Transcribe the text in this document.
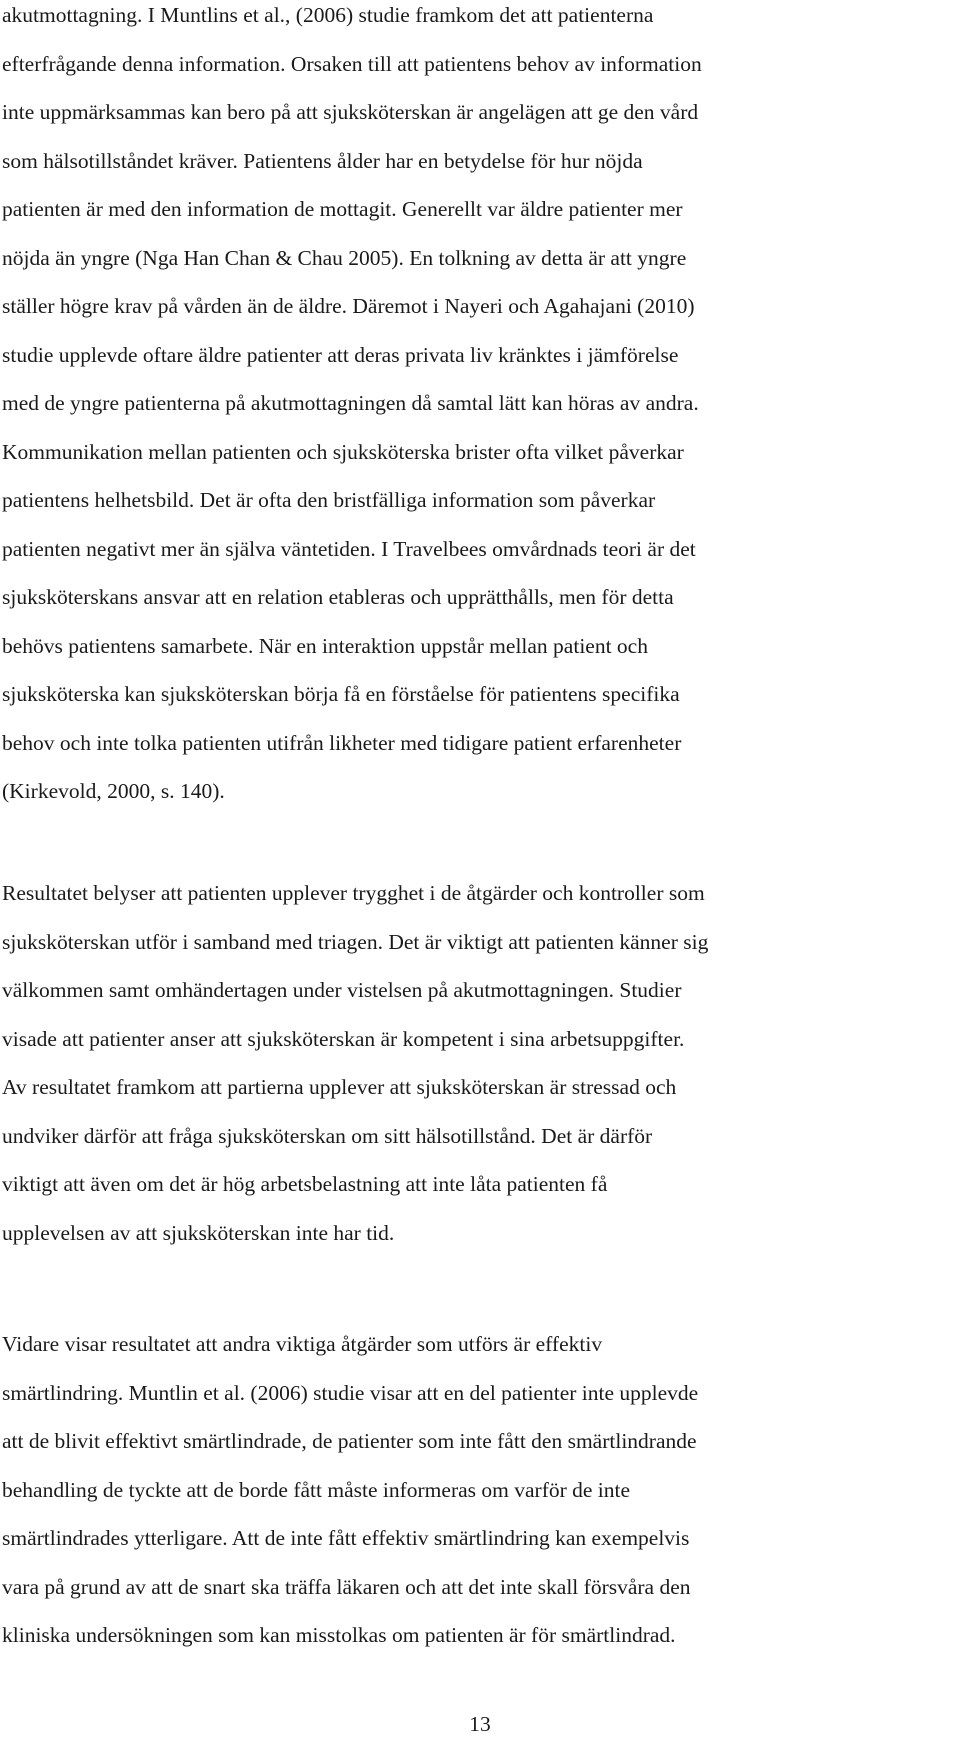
akutmottagning. I Muntlins et al., (2006) studie framkom det att patienterna
efterfrågande denna information. Orsaken till att patientens behov av information
inte uppmärksammas kan bero på att sjuksköterskan är angelägen att ge den vård
som hälsotillståndet kräver. Patientens ålder har en betydelse för hur nöjda
patienten är med den information de mottagit. Generellt var äldre patienter mer
nöjda än yngre (Nga Han Chan & Chau 2005). En tolkning av detta är att yngre
ställer högre krav på vården än de äldre. Däremot i Nayeri och Agahajani (2010)
studie upplevde oftare äldre patienter att deras privata liv kränktes i jämförelse
med de yngre patienterna på akutmottagningen då samtal lätt kan höras av andra.
Kommunikation mellan patienten och sjuksköterska brister ofta vilket påverkar
patientens helhetsbild. Det är ofta den bristfälliga information som påverkar
patienten negativt mer än själva väntetiden. I Travelbees omvårdnads teori är det
sjuksköterskans ansvar att en relation etableras och upprätthålls, men för detta
behövs patientens samarbete. När en interaktion uppstår mellan patient och
sjuksköterska kan sjuksköterskan börja få en förståelse för patientens specifika
behov och inte tolka patienten utifrån likheter med tidigare patient erfarenheter
(Kirkevold, 2000, s. 140).
Resultatet belyser att patienten upplever trygghet i de åtgärder och kontroller som
sjuksköterskan utför i samband med triagen. Det är viktigt att patienten känner sig
välkommen samt omhändertagen under vistelsen på akutmottagningen. Studier
visade att patienter anser att sjuksköterskan är kompetent i sina arbetsuppgifter.
Av resultatet framkom att partierna upplever att sjuksköterskan är stressad och
undviker därför att fråga sjuksköterskan om sitt hälsotillstånd. Det är därför
viktigt att även om det är hög arbetsbelastning att inte låta patienten få
upplevelsen av att sjuksköterskan inte har tid.
Vidare visar resultatet att andra viktiga åtgärder som utförs är effektiv
smärtlindring. Muntlin et al. (2006) studie visar att en del patienter inte upplevde
att de blivit effektivt smärtlindrade, de patienter som inte fått den smärtlindrande
behandling de tyckte att de borde fått måste informeras om varför de inte
smärtlindrades ytterligare. Att de inte fått effektiv smärtlindring kan exempelvis
vara på grund av att de snart ska träffa läkaren och att det inte skall försvåra den
kliniska undersökningen som kan misstolkas om patienten är för smärtlindrad.
13
